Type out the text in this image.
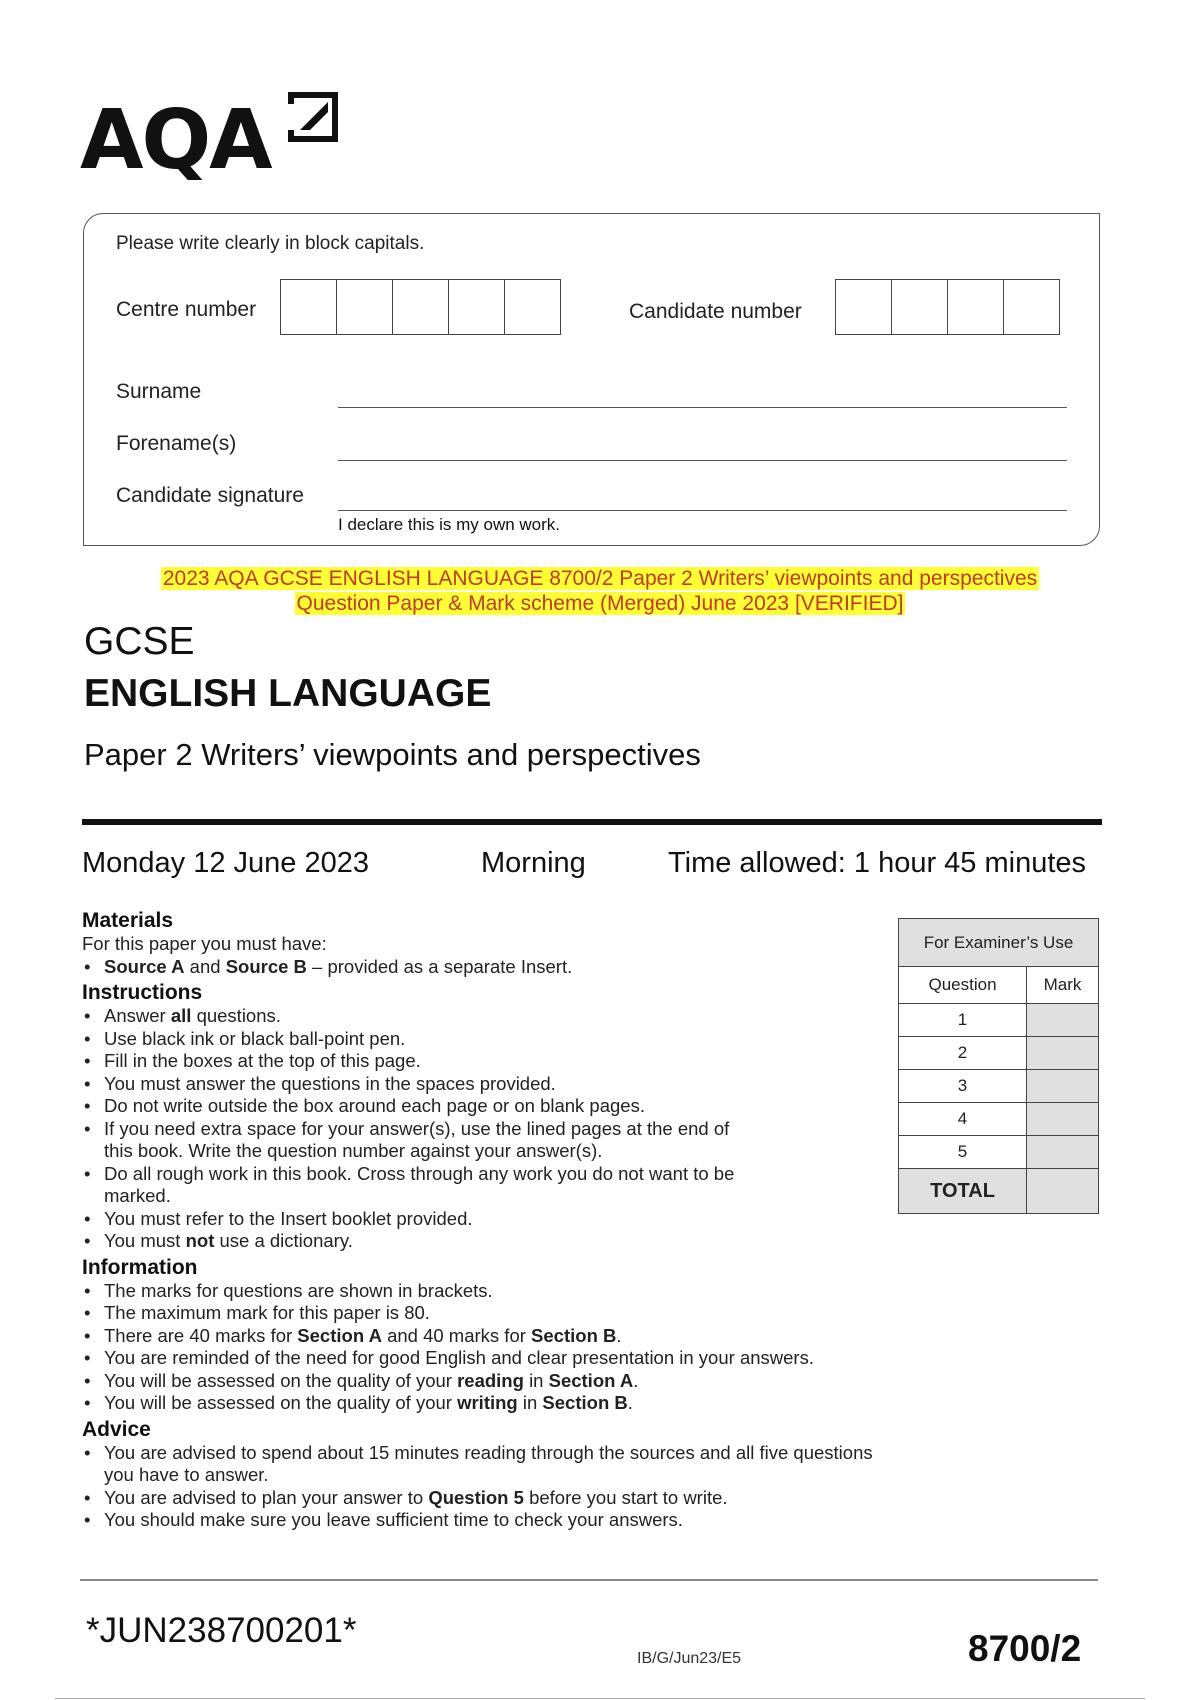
AQA
Please write clearly in block capitals.
Centre number	Candidate number
Surname
Forename(s)
Candidate signature
I declare this is my own work.
2023 AQA GCSE ENGLISH LANGUAGE 8700/2 Paper 2 Writers’ viewpoints and perspectives
Question Paper & Mark scheme (Merged) June 2023 [VERIFIED]
GCSE
ENGLISH LANGUAGE
Paper 2 Writers’ viewpoints and perspectives
Monday 12 June 2023	Morning	Time allowed: 1 hour 45 minutes
Materials

For this paper you must have:

• Source A and Source B – provided as a separate Insert.
Instructions
• Answer all questions.
• Use black ink or black ball-point pen.
• Fill in the boxes at the top of this page.
• You must answer the questions in the spaces provided.
• Do not write outside the box around each page or on blank pages.
• If you need extra space for your answer(s), use the lined pages at the end of
this book. Write the question number against your answer(s).
• Do all rough work in this book. Cross through any work you do not want to be
marked.
• You must refer to the Insert booklet provided.
• You must not use a dictionary.
Information
• The marks for questions are shown in brackets.
• The maximum mark for this paper is 80.
• There are 40 marks for Section A and 40 marks for Section B.
• You are reminded of the need for good English and clear presentation in your answers.
• You will be assessed on the quality of your reading in Section A.
• You will be assessed on the quality of your writing in Section B.
Advice
• You are advised to spend about 15 minutes reading through the sources and all five questions
you have to answer.
• You are advised to plan your answer to Question 5 before you start to write.
• You should make sure you leave sufficient time to check your answers.
For Examiner’s Use	
Question	Mark
1	
2	
3	
4	
5	
TOTAL	
*JUN238700201*
IB/G/Jun23/E5	8700/2
